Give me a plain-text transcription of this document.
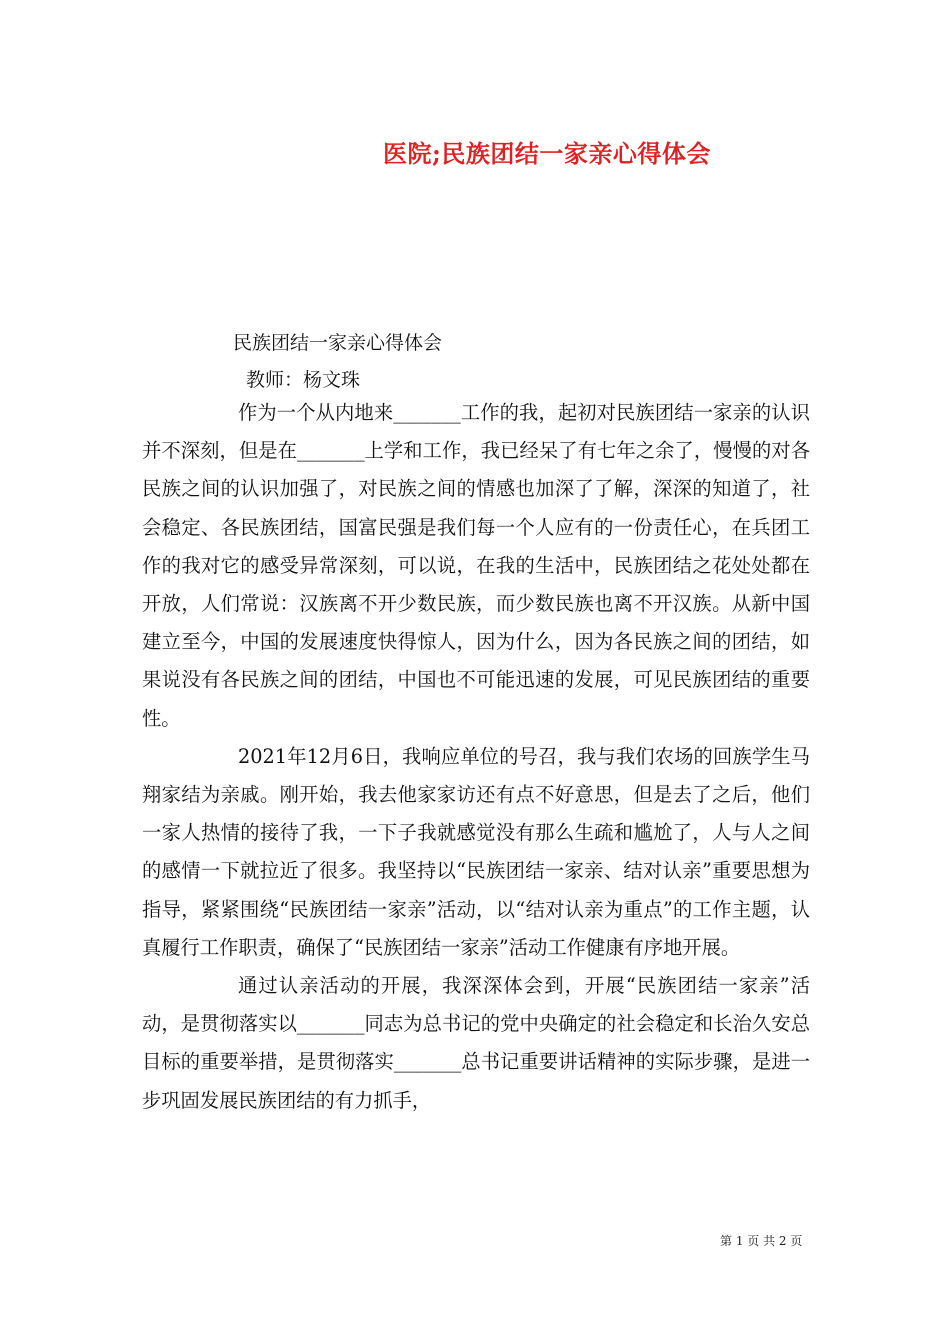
医院;民族团结一家亲心得体会
民族团结一家亲心得体会
教师：杨文珠

作为一个从内地来_______工作的我，起初对民族团结一家亲的认识并不深刻，但是在_______上学和工作，我已经呆了有七年之余了，慢慢的对各民族之间的认识加强了，对民族之间的情感也加深了了解，深深的知道了，社会稳定、各民族团结，国富民强是我们每一个人应有的一份责任心，在兵团工作的我对它的感受异常深刻，可以说，在我的生活中，民族团结之花处处都在开放，人们常说：汉族离不开少数民族，而少数民族也离不开汉族。从新中国建立至今，中国的发展速度快得惊人，因为什么，因为各民族之间的团结，如果说没有各民族之间的团结，中国也不可能迅速的发展，可见民族团结的重要性。

2021年12月6日，我响应单位的号召，我与我们农场的回族学生马翔家结为亲戚。刚开始，我去他家家访还有点不好意思，但是去了之后，他们一家人热情的接待了我，一下子我就感觉没有那么生疏和尴尬了，人与人之间的感情一下就拉近了很多。我坚持以“民族团结一家亲、结对认亲”重要思想为指导，紧紧围绕“民族团结一家亲”活动，以“结对认亲为重点”的工作主题，认真履行工作职责，确保了“民族团结一家亲”活动工作健康有序地开展。

通过认亲活动的开展，我深深体会到，开展“民族团结一家亲”活动，是贯彻落实以_______同志为总书记的党中央确定的社会稳定和长治久安总目标的重要举措，是贯彻落实_______总书记重要讲话精神的实际步骤，是进一步巩固发展民族团结的有力抓手，

第 1 页 共 2 页
